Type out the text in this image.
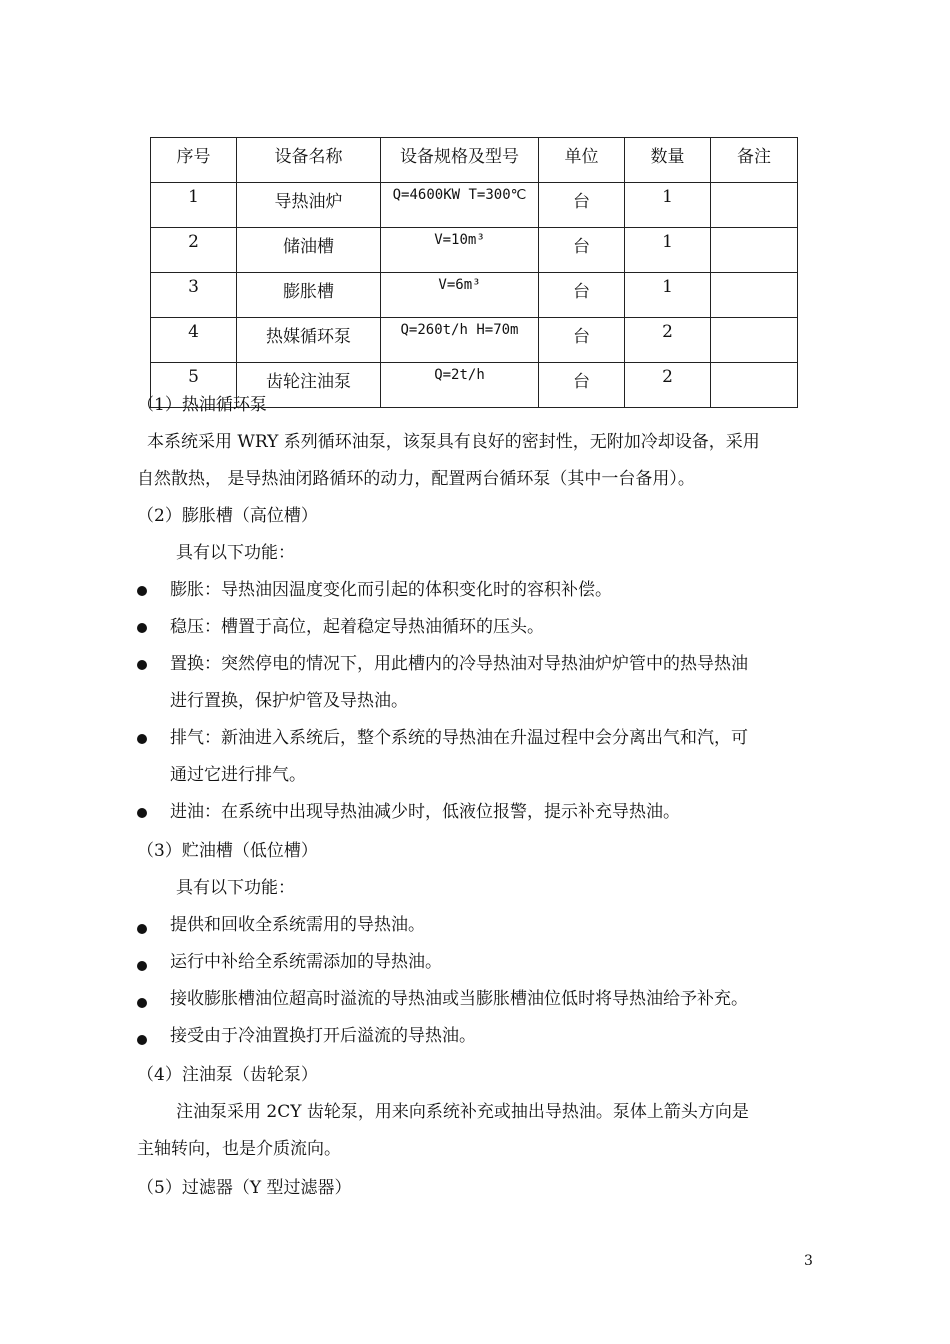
序号	设备名称	设备规格及型号	单位	数量	备注
1	导热油炉	Q=4600KW T=300℃	台	1	
2	储油槽	V=10m³	台	1	
3	膨胀槽	V=6m³	台	1	
4	热媒循环泵	Q=260t/h H=70m	台	2	
5	齿轮注油泵	Q=2t/h	台	2	
（1）热油循环泵
本系统采用 WRY 系列循环油泵，该泵具有良好的密封性，无附加冷却设备，采用
自然散热， 是导热油闭路循环的动力，配置两台循环泵（其中一台备用）。
（2）膨胀槽（高位槽）
具有以下功能：
膨胀：导热油因温度变化而引起的体积变化时的容积补偿。
稳压：槽置于高位，起着稳定导热油循环的压头。
置换：突然停电的情况下，用此槽内的冷导热油对导热油炉炉管中的热导热油
进行置换，保护炉管及导热油。
排气：新油进入系统后，整个系统的导热油在升温过程中会分离出气和汽，可
通过它进行排气。
进油：在系统中出现导热油减少时，低液位报警，提示补充导热油。
（3）贮油槽（低位槽）
具有以下功能：
提供和回收全系统需用的导热油。
运行中补给全系统需添加的导热油。
接收膨胀槽油位超高时溢流的导热油或当膨胀槽油位低时将导热油给予补充。
接受由于冷油置换打开后溢流的导热油。
（4）注油泵（齿轮泵）
注油泵采用 2CY 齿轮泵，用来向系统补充或抽出导热油。泵体上箭头方向是
主轴转向，也是介质流向。
（5）过滤器（Y 型过滤器）
3
